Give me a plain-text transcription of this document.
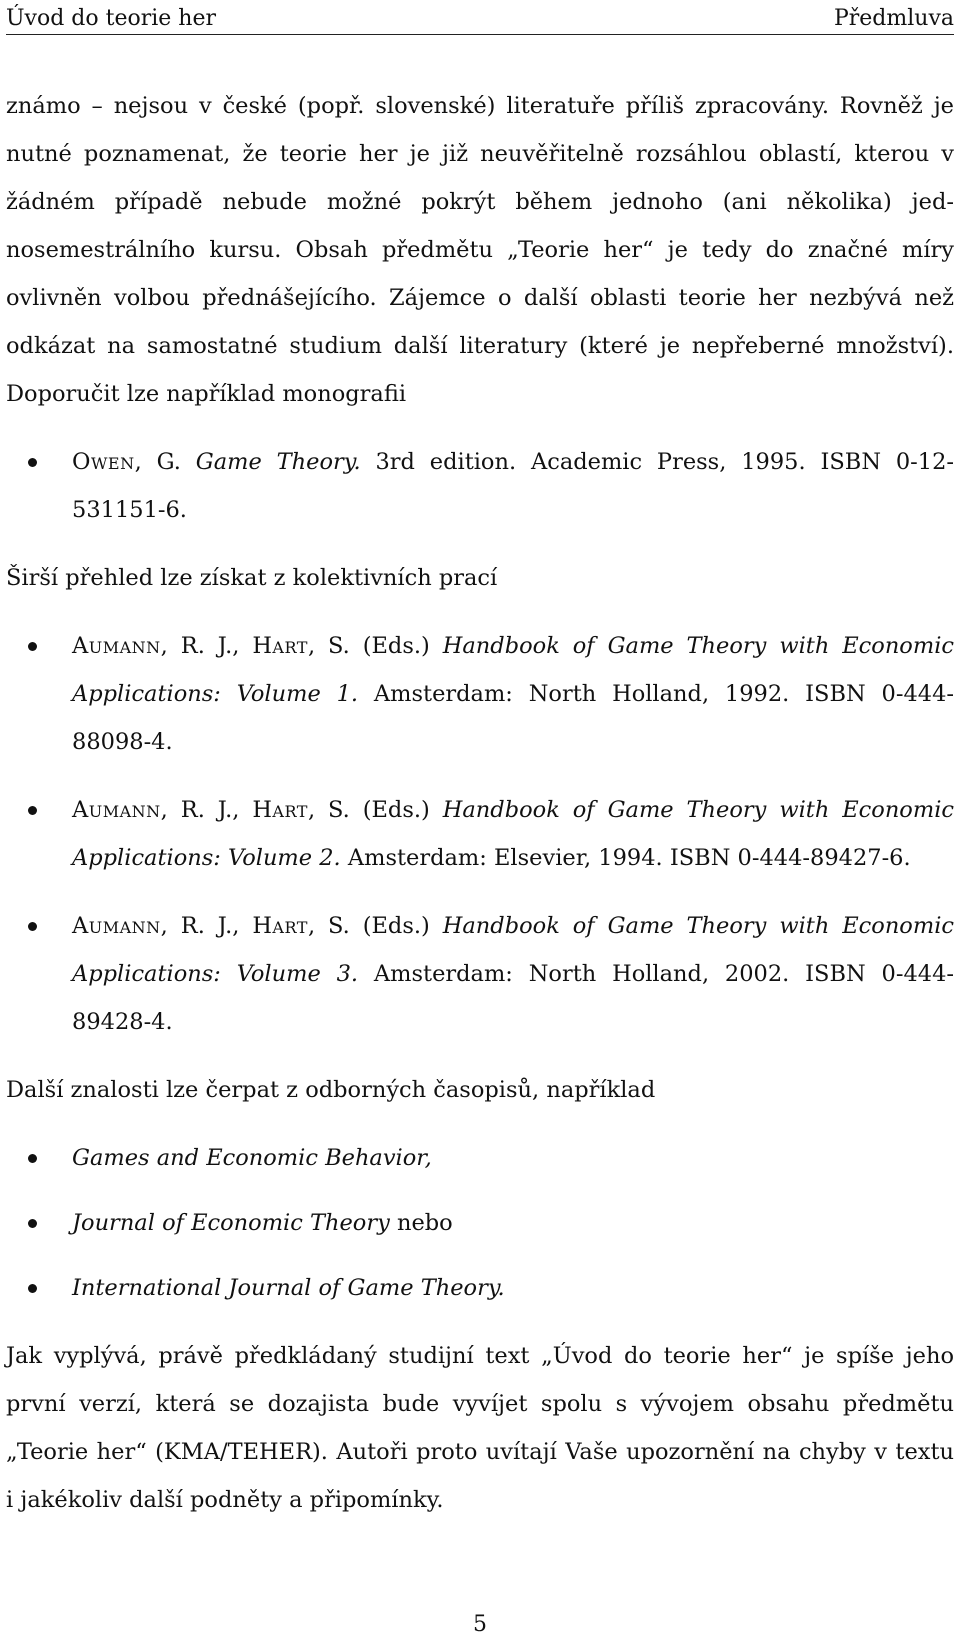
Úvod do teorie her	Předmluva

známo – nejsou v české (popř. slovenské) literatuře příliš zpracovány. Rovněž je nutné poznamenat, že teorie her je již neuvěřitelně rozsáhlou oblastí, kterou v žádném případě nebude možné pokrýt během jednoho (ani několika) jednosemestrálního kursu. Obsah předmětu „Teorie her“ je tedy do značné míry ovlivněn volbou přednášejícího. Zájemce o další oblasti teorie her nezbývá než odkázat na samostatné studium další literatury (které je nepřeberné množství). Doporučit lze například monografii

Owen, G. Game Theory. 3rd edition. Academic Press, 1995. ISBN 0-12-531151-6.

Širší přehled lze získat z kolektivních prací

Aumann, R. J., Hart, S. (Eds.) Handbook of Game Theory with Economic Applications: Volume 1. Amsterdam: North Holland, 1992. ISBN 0-444-88098-4.
Aumann, R. J., Hart, S. (Eds.) Handbook of Game Theory with Economic Applications: Volume 2. Amsterdam: Elsevier, 1994. ISBN 0-444-89427-6.
Aumann, R. J., Hart, S. (Eds.) Handbook of Game Theory with Economic Applications: Volume 3. Amsterdam: North Holland, 2002. ISBN 0-444-89428-4.

Další znalosti lze čerpat z odborných časopisů, například

Games and Economic Behavior,
Journal of Economic Theory nebo
International Journal of Game Theory.

Jak vyplývá, právě předkládaný studijní text „Úvod do teorie her“ je spíše jeho první verzí, která se dozajista bude vyvíjet spolu s vývojem obsahu předmětu „Teorie her“ (KMA/TEHER). Autoři proto uvítají Vaše upozornění na chyby v textu i jakékoliv další podněty a připomínky.

5
